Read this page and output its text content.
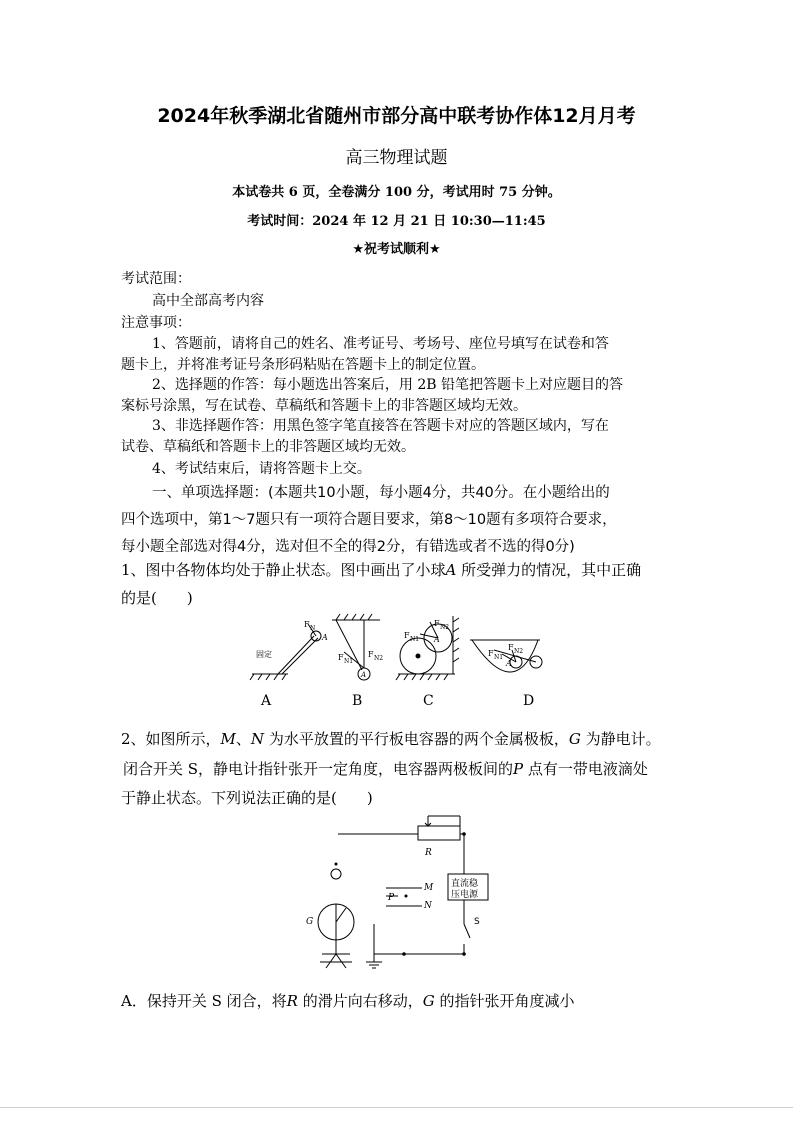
2024年秋季湖北省随州市部分高中联考协作体12月月考
高三物理试题
本试卷共 6 页，全卷满分 100 分，考试用时 75 分钟。
考试时间：2024 年 12 月 21 日 10:30—11:45
★祝考试顺利★
考试范围：
高中全部高考内容
注意事项：
1、答题前，请将自己的姓名、准考证号、考场号、座位号填写在试卷和答
题卡上，并将准考证号条形码粘贴在答题卡上的制定位置。
2、选择题的作答：每小题选出答案后，用 2B 铅笔把答题卡上对应题目的答
案标号涂黑，写在试卷、草稿纸和答题卡上的非答题区域均无效。
3、非选择题作答：用黑色签字笔直接答在答题卡对应的答题区域内，写在
试卷、草稿纸和答题卡上的非答题区域均无效。
4、考试结束后，请将答题卡上交。
一、单项选择题：(本题共10小题，每小题4分，共40分。在小题给出的
四个选项中，第1～7题只有一项符合题目要求，第8～10题有多项符合要求，
每小题全部选对得4分，选对但不全的得2分，有错选或者不选的得0分)
1、图中各物体均处于静止状态。图中画出了小球A 所受弹力的情况，其中正确
的是(　　)
固定
F N
A
F N1
F N2
A
F N1
F N2
A
F N1
F N2
A
A	B	C	D
2、如图所示，M、N 为水平放置的平行板电容器的两个金属极板，G 为静电计。
闭合开关 S，静电计指针张开一定角度，电容器两极板间的P 点有一带电液滴处
于静止状态。下列说法正确的是(　　)
R
M
N
P
G
直流稳
压电源
S
A．保持开关 S 闭合，将R 的滑片向右移动，G 的指针张开角度减小
